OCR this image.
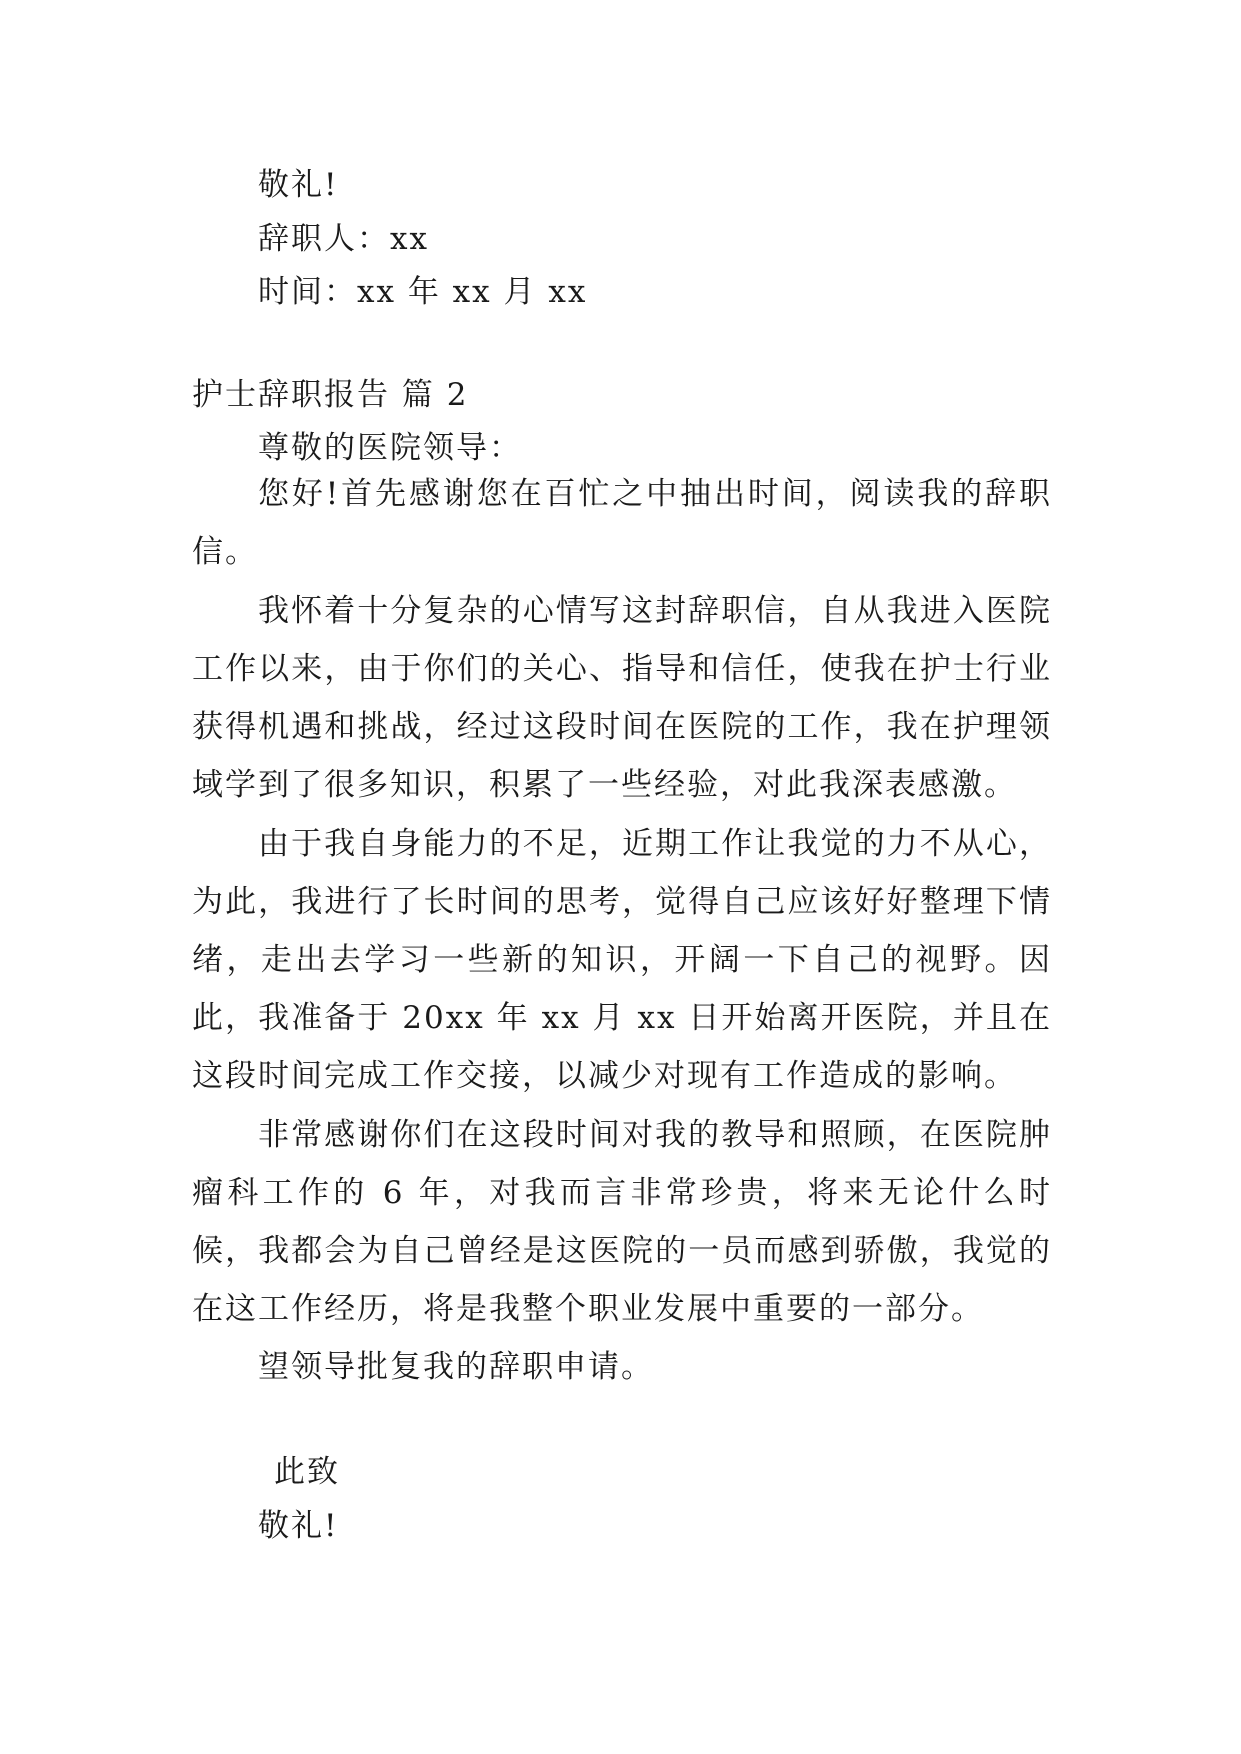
敬礼!
辞职人：xx
时间：xx 年 xx 月 xx
护士辞职报告 篇 2
尊敬的医院领导：
您好!首先感谢您在百忙之中抽出时间，阅读我的辞职信。
我怀着十分复杂的心情写这封辞职信，自从我进入医院工作以来，由于你们的关心、指导和信任，使我在护士行业获得机遇和挑战，经过这段时间在医院的工作，我在护理领域学到了很多知识，积累了一些经验，对此我深表感激。
由于我自身能力的不足，近期工作让我觉的力不从心，为此，我进行了长时间的思考，觉得自己应该好好整理下情绪，走出去学习一些新的知识，开阔一下自己的视野。因此，我准备于 20xx 年 xx 月 xx 日开始离开医院，并且在这段时间完成工作交接，以减少对现有工作造成的影响。
非常感谢你们在这段时间对我的教导和照顾，在医院肿瘤科工作的 6 年，对我而言非常珍贵，将来无论什么时候，我都会为自己曾经是这医院的一员而感到骄傲，我觉的在这工作经历，将是我整个职业发展中重要的一部分。
望领导批复我的辞职申请。
此致
敬礼!
